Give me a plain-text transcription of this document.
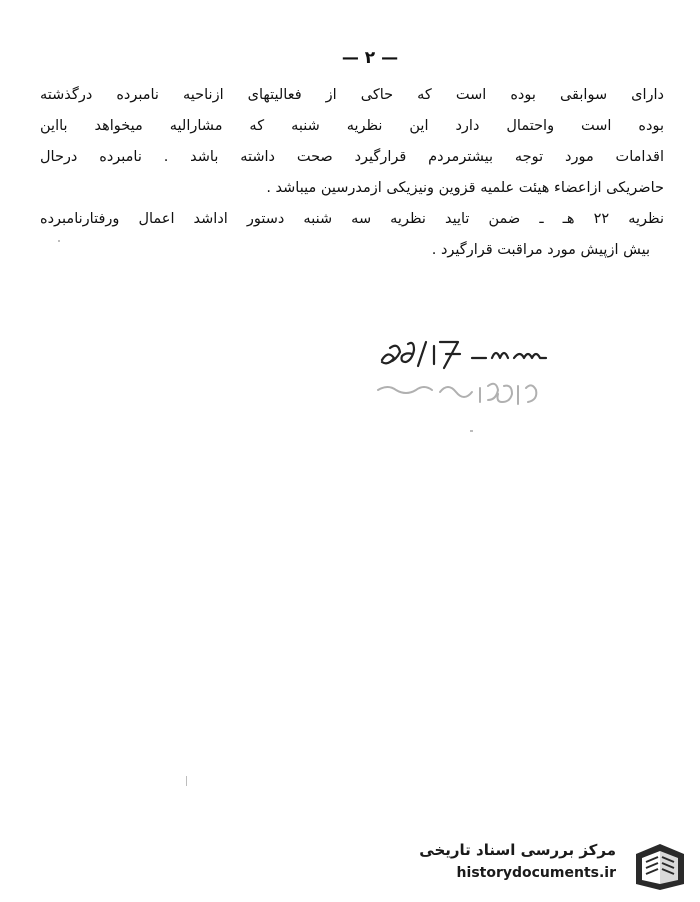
— ۲ —
دارای سوابقی بوده است که حاکی از فعالیتهای ازناحیه نامبرده درگذشته
بوده است واحتمال دارد این نظریه شنبه که مشارالیه میخواهد بااین
اقدامات مورد توجه بیشترمردم قرارگیرد صحت داشته باشد . نامبرده درحال
حاضریکی ازاعضاء هیئت علمیه قزوین ونیزیکی ازمدرسین میباشد .
نظریه ۲۲ هـ ـ ضمن تایید نظریه سه شنبه دستور اداشد اعمال ورفتارنامبرده
بیش ازپیش مورد مراقبت قرارگیرد .
مرکز بررسی اسناد تاریخی
historydocuments.ir
